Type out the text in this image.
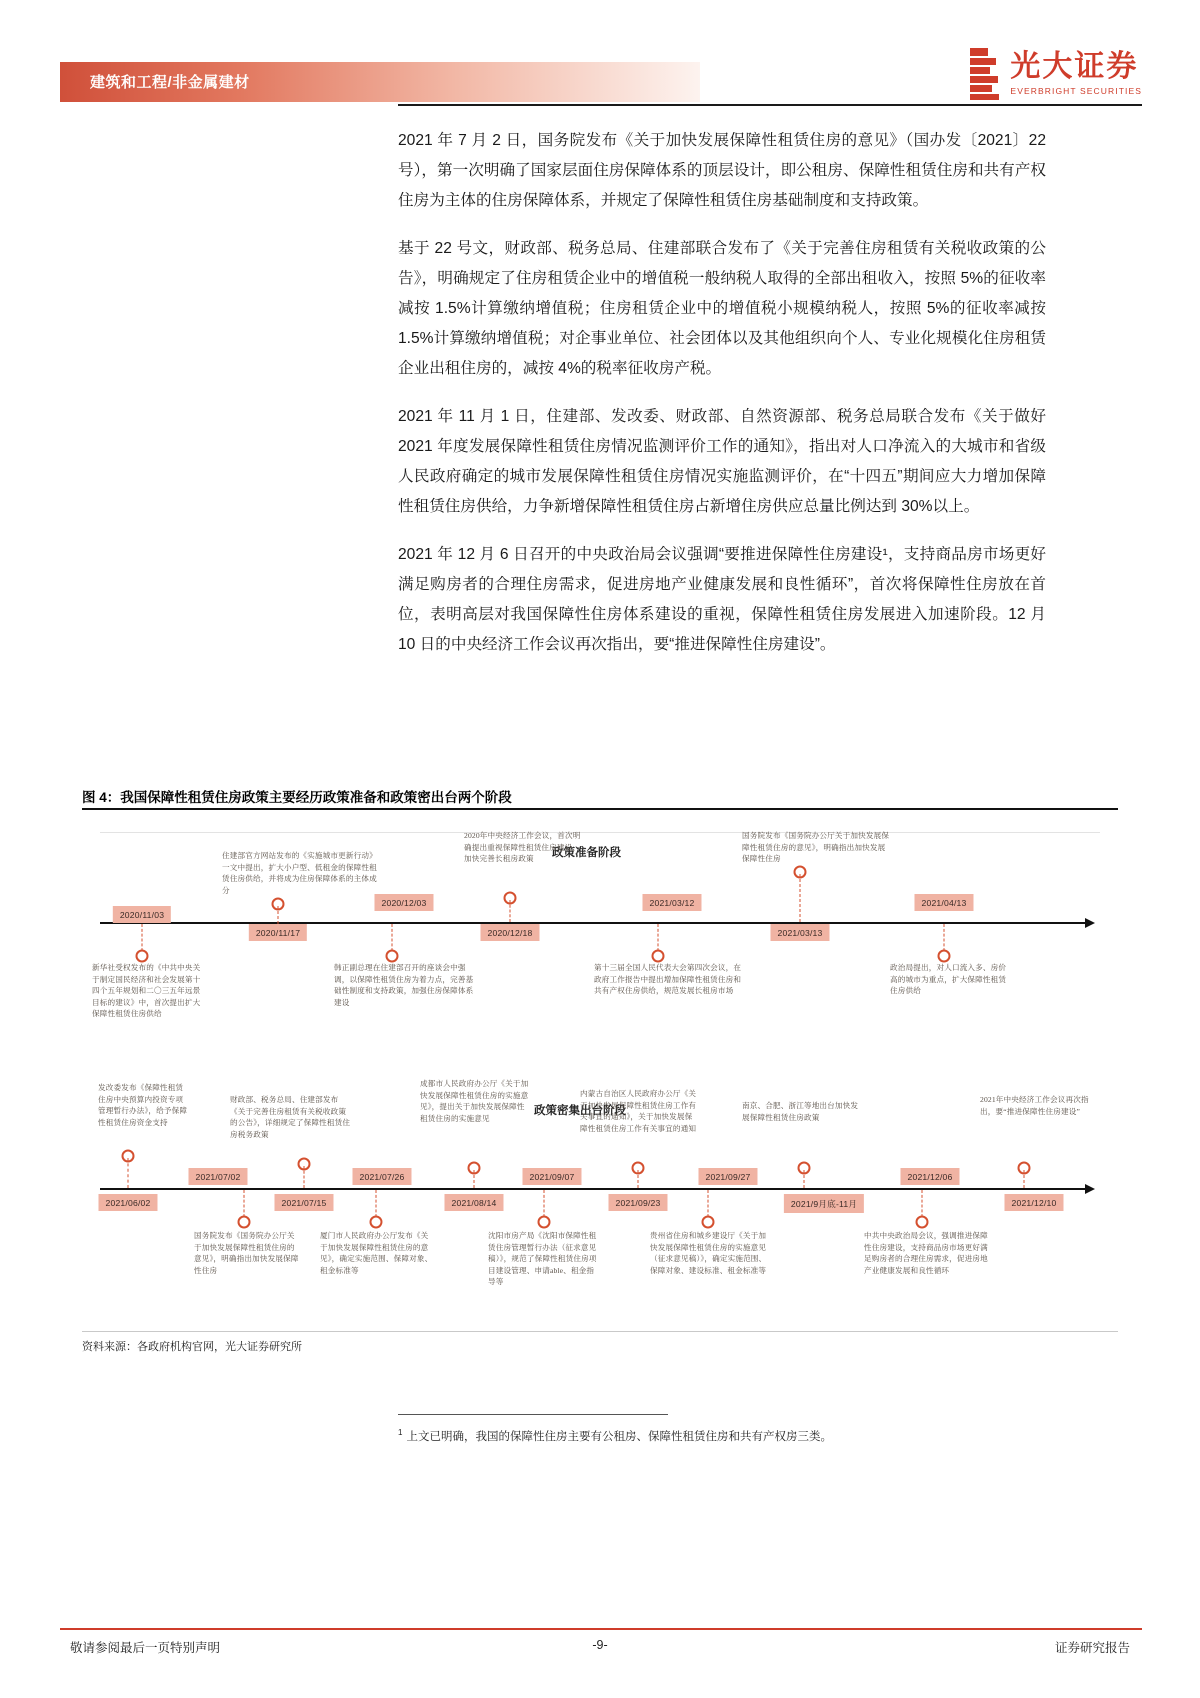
建筑和工程/非金属建材	光大证券
EVERBRIGHT SECURITIES

2021 年 7 月 2 日，国务院发布《关于加快发展保障性租赁住房的意见》（国办发〔2021〕22 号），第一次明确了国家层面住房保障体系的顶层设计，即公租房、保障性租赁住房和共有产权住房为主体的住房保障体系，并规定了保障性租赁住房基础制度和支持政策。

基于 22 号文，财政部、税务总局、住建部联合发布了《关于完善住房租赁有关税收政策的公告》，明确规定了住房租赁企业中的增值税一般纳税人取得的全部出租收入，按照 5%的征收率减按 1.5%计算缴纳增值税；住房租赁企业中的增值税小规模纳税人，按照 5%的征收率减按 1.5%计算缴纳增值税；对企事业单位、社会团体以及其他组织向个人、专业化规模化住房租赁企业出租住房的，减按 4%的税率征收房产税。

2021 年 11 月 1 日，住建部、发改委、财政部、自然资源部、税务总局联合发布《关于做好 2021 年度发展保障性租赁住房情况监测评价工作的通知》，指出对人口净流入的大城市和省级人民政府确定的城市发展保障性租赁住房情况实施监测评价，在“十四五”期间应大力增加保障性租赁住房供给，力争新增保障性租赁住房占新增住房供应总量比例达到 30%以上。

2021 年 12 月 6 日召开的中央政治局会议强调“要推进保障性住房建设¹，支持商品房市场更好满足购房者的合理住房需求，促进房地产业健康发展和良性循环”，首次将保障性住房放在首位，表明高层对我国保障性住房体系建设的重视，保障性租赁住房发展进入加速阶段。12 月 10 日的中央经济工作会议再次指出，要“推进保障性住房建设”。

图 4：我国保障性租赁住房政策主要经历政策准备和政策密出台两个阶段
政策准备阶段
政策密集出台阶段
新华社受权发布的《中共中央关于制定国民经济和社会发展第十四个五年规划和二〇三五年远景目标的建议》中，首次提出扩大保障性租赁住房供给
2020/11/03
住建部官方网站发布的《实施城市更新行动》一文中提出，扩大小户型、低租金的保障性租赁住房供给，并将成为住房保障体系的主体成分
2020/11/17
韩正副总理在住建部召开的座谈会中强调，以保障性租赁住房为着力点，完善基础性制度和支持政策，加强住房保障体系建设
2020/12/03
2020年中央经济工作会议，首次明确提出重视保障性租赁住房建设，加快完善长租房政策
2020/12/18
第十三届全国人民代表大会第四次会议，在政府工作报告中提出增加保障性租赁住房和共有产权住房供给，规范发展长租房市场
2021/03/12
国务院发布《国务院办公厅关于加快发展保障性租赁住房的意见》，明确指出加快发展保障性住房
2021/03/13
政治局提出，对人口流入多、房价高的城市为重点，扩大保障性租赁住房供给
2021/04/13
发改委发布《保障性租赁住房中央预算内投资专项管理暂行办法》，给予保障性租赁住房资金支持
2021/06/02
国务院发布《国务院办公厅关于加快发展保障性租赁住房的意见》，明确指出加快发展保障性住房
2021/07/02
财政部、税务总局、住建部发布《关于完善住房租赁有关税收政策的公告》，详细规定了保障性租赁住房税务政策
2021/07/15
厦门市人民政府办公厅发布《关于加快发展保障性租赁住房的意见》，确定实施范围、保障对象、租金标准等
2021/07/26
成都市人民政府办公厅《关于加快发展保障性租赁住房的实施意见》，提出关于加快发展保障性租赁住房的实施意见
2021/08/14
沈阳市房产局《沈阳市保障性租赁住房管理暂行办法（征求意见稿）》，规范了保障性租赁住房项目建设管理、申请able、租金指导等
2021/09/07
内蒙古自治区人民政府办公厅《关于加快发展保障性租赁住房工作有关事宜的通知》，关于加快发展保障性租赁住房工作有关事宜的通知
2021/09/23
贵州省住房和城乡建设厅《关于加快发展保障性租赁住房的实施意见（征求意见稿）》，确定实施范围、保障对象、建设标准、租金标准等
2021/09/27
南京、合肥、浙江等地出台加快发展保障性租赁住房政策
2021/9月底-11月
中共中央政治局会议，强调推进保障性住房建设，支持商品房市场更好满足购房者的合理住房需求，促进房地产业健康发展和良性循环
2021/12/06
2021年中央经济工作会议再次指出，要“推进保障性住房建设”
2021/12/10
资料来源：各政府机构官网，光大证券研究所
$^1$ 上文已明确，我国的保障性住房主要有公租房、保障性租赁住房和共有产权房三类。
敬请参阅最后一页特别声明	-9-	证券研究报告
